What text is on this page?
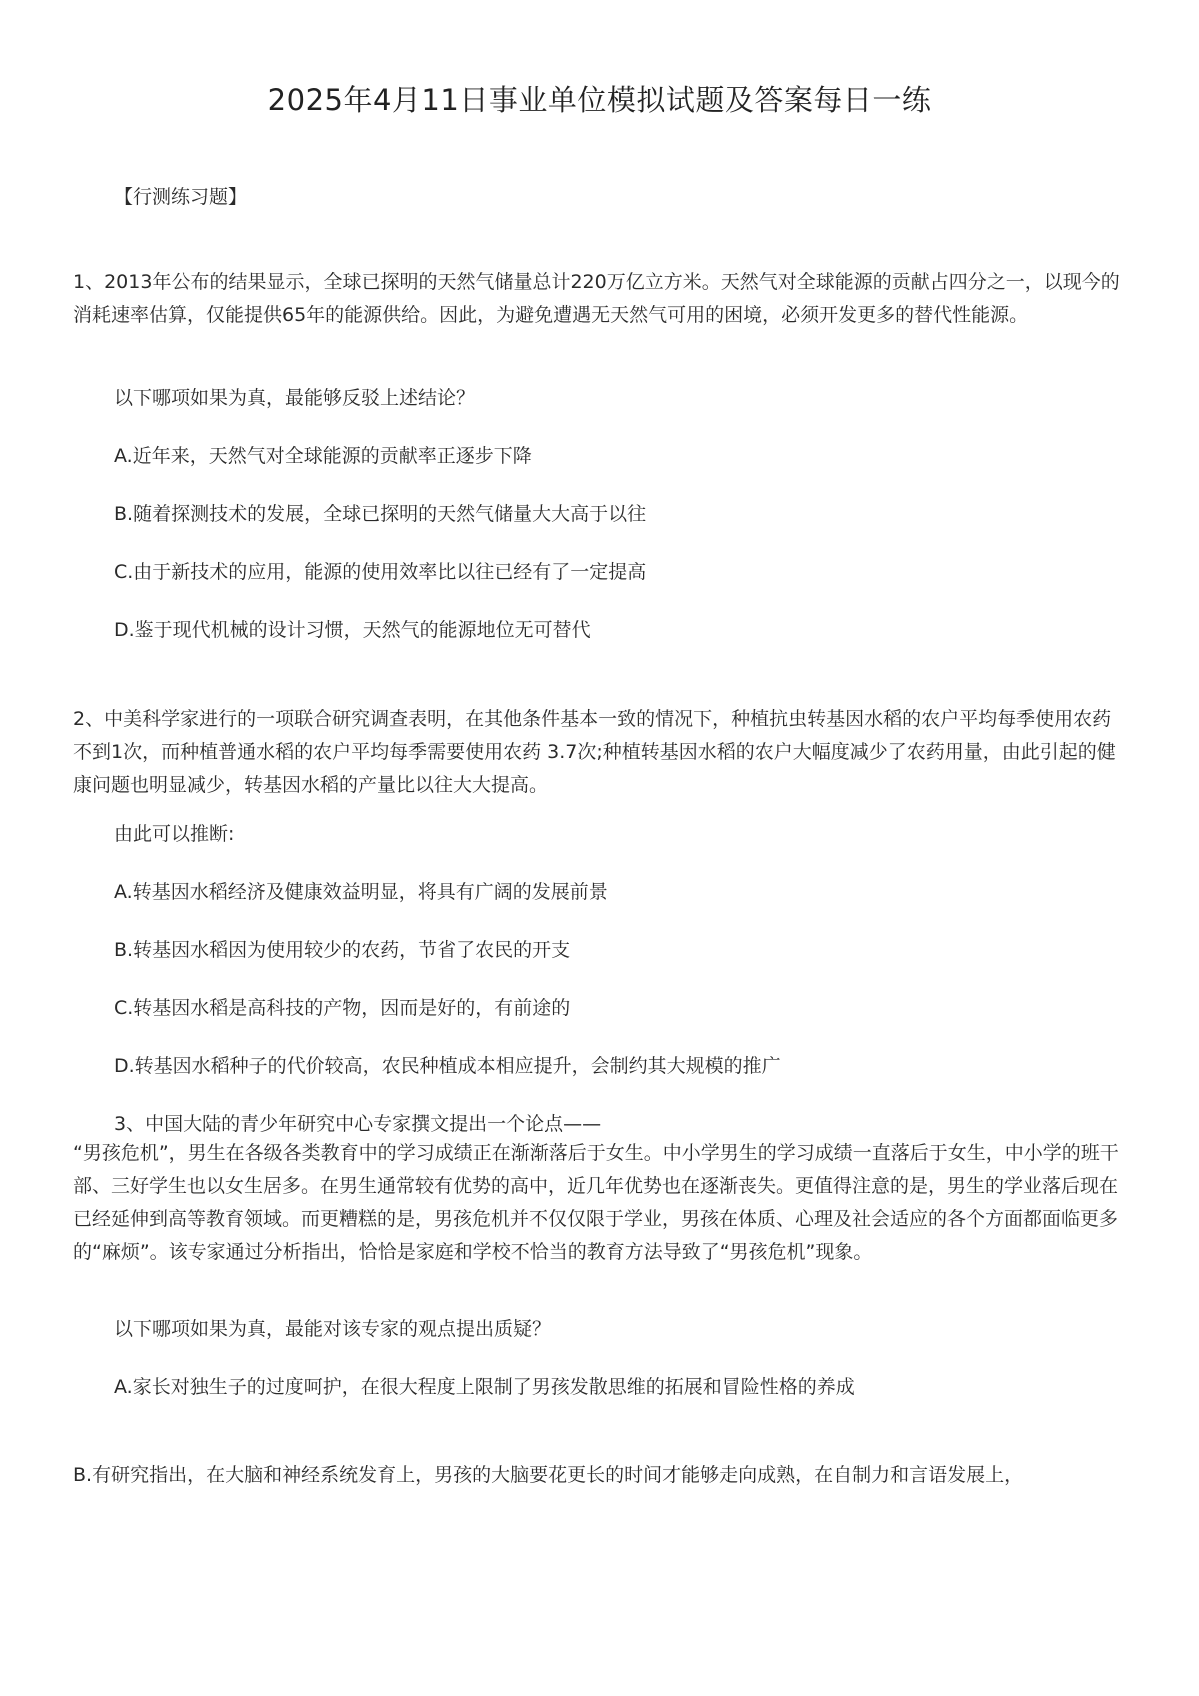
2025年4月11日事业单位模拟试题及答案每日一练
【行测练习题】
1、2013年公布的结果显示，全球已探明的天然气储量总计220万亿立方米。天然气对全球能源的贡献占四分之一，以现今的消耗速率估算，仅能提供65年的能源供给。因此，为避免遭遇无天然气可用的困境，必须开发更多的替代性能源。
以下哪项如果为真，最能够反驳上述结论？
A.近年来，天然气对全球能源的贡献率正逐步下降
B.随着探测技术的发展，全球已探明的天然气储量大大高于以往
C.由于新技术的应用，能源的使用效率比以往已经有了一定提高
D.鉴于现代机械的设计习惯，天然气的能源地位无可替代
2、中美科学家进行的一项联合研究调查表明，在其他条件基本一致的情况下，种植抗虫转基因水稻的农户平均每季使用农药不到1次，而种植普通水稻的农户平均每季需要使用农药 3.7次;种植转基因水稻的农户大幅度减少了农药用量，由此引起的健康问题也明显减少，转基因水稻的产量比以往大大提高。
由此可以推断:
A.转基因水稻经济及健康效益明显，将具有广阔的发展前景
B.转基因水稻因为使用较少的农药，节省了农民的开支
C.转基因水稻是高科技的产物，因而是好的，有前途的
D.转基因水稻种子的代价较高，农民种植成本相应提升，会制约其大规模的推广
3、中国大陆的青少年研究中心专家撰文提出一个论点——
“男孩危机”，男生在各级各类教育中的学习成绩正在渐渐落后于女生。中小学男生的学习成绩一直落后于女生，中小学的班干部、三好学生也以女生居多。在男生通常较有优势的高中，近几年优势也在逐渐丧失。更值得注意的是，男生的学业落后现在已经延伸到高等教育领域。而更糟糕的是，男孩危机并不仅仅限于学业，男孩在体质、心理及社会适应的各个方面都面临更多的“麻烦”。该专家通过分析指出，恰恰是家庭和学校不恰当的教育方法导致了“男孩危机”现象。
以下哪项如果为真，最能对该专家的观点提出质疑？
A.家长对独生子的过度呵护，在很大程度上限制了男孩发散思维的拓展和冒险性格的养成
B.有研究指出，在大脑和神经系统发育上，男孩的大脑要花更长的时间才能够走向成熟，在自制力和言语发展上，
